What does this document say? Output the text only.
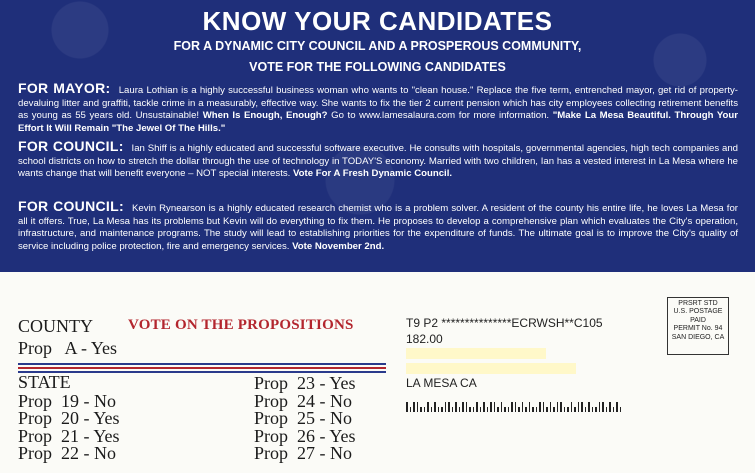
KNOW YOUR CANDIDATES
FOR A DYNAMIC CITY COUNCIL AND A PROSPEROUS COMMUNITY,
VOTE FOR THE FOLLOWING CANDIDATES
FOR MAYOR: Laura Lothian is a highly successful business woman who wants to "clean house." Replace the five term, entrenched mayor, get rid of property-devaluing litter and graffiti, tackle crime in a measurably, effective way. She wants to fix the tier 2 current pension which has city employees collecting retirement benefits as young as 55 years old. Unsustainable! When Is Enough, Enough? Go to www.lamesalaura.com for more information. "Make La Mesa Beautiful. Through Your Effort It Will Remain "The Jewel Of The Hills."
FOR COUNCIL: Ian Shiff is a highly educated and successful software executive. He consults with hospitals, governmental agencies, high tech companies and school districts on how to stretch the dollar through the use of technology in TODAY'S economy. Married with two children, Ian has a vested interest in La Mesa where he wants change that will benefit everyone – NOT special interests. Vote For A Fresh Dynamic Council.
FOR COUNCIL: Kevin Rynearson is a highly educated research chemist who is a problem solver. A resident of the county his entire life, he loves La Mesa for all it offers. True, La Mesa has its problems but Kevin will do everything to fix them. He proposes to develop a comprehensive plan which evaluates the City's operation, infrastructure, and maintenance programs. The study will lead to establishing priorities for the expenditure of funds. The ultimate goal is to improve the City's quality of service including police protection, fire and emergency services. Vote November 2nd.
COUNTY VOTE ON THE PROPOSITIONS
Prop   A - Yes
STATE
Prop  19 - No
Prop  20 - Yes
Prop  21 - Yes
Prop  22 - No
Prop  23 - Yes
Prop  24 - No
Prop  25 - No
Prop  26 - Yes
Prop  27 - No
T9 P2 ***************ECRWSH**C105
182.00
LA MESA CA
PRSRT STD
U.S. POSTAGE
PAID
PERMIT No. 94
SAN DIEGO, CA
